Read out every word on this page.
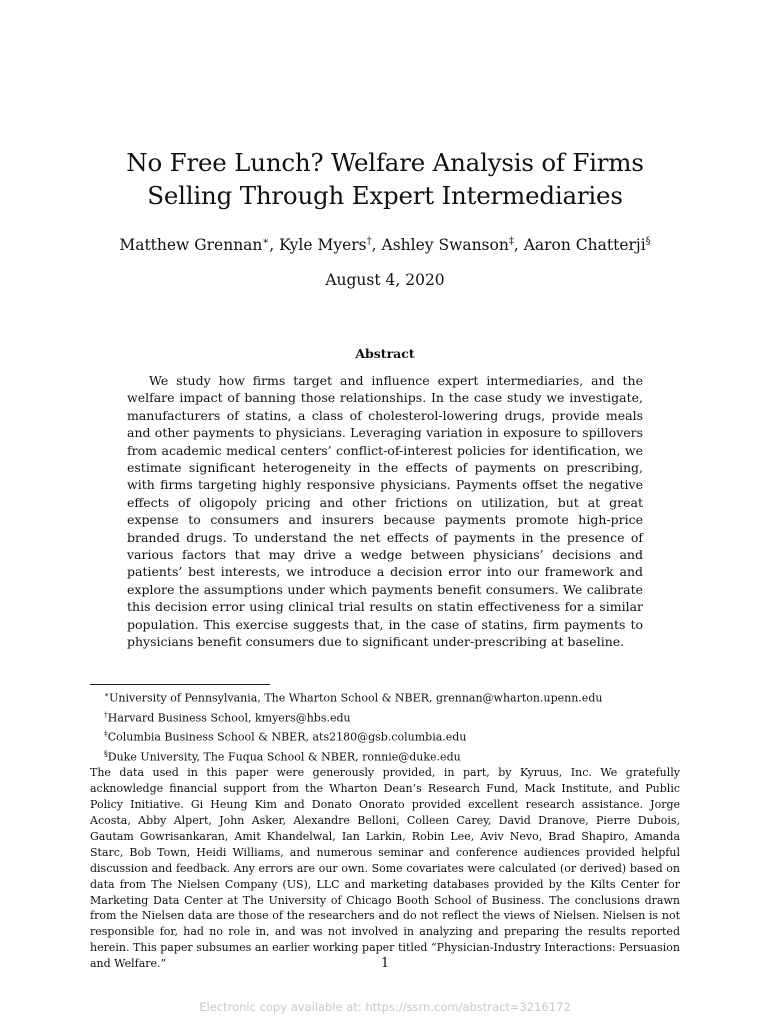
No Free Lunch? Welfare Analysis of Firms
Selling Through Expert Intermediaries
Matthew Grennan∗, Kyle Myers†, Ashley Swanson‡, Aaron Chatterji§
August 4, 2020
Abstract

We study how firms target and influence expert intermediaries, and the welfare impact of banning those relationships. In the case study we investigate, manufacturers of statins, a class of cholesterol-lowering drugs, provide meals and other payments to physicians. Leveraging variation in exposure to spillovers from academic medical centers’ conflict-of-interest policies for identification, we estimate significant heterogeneity in the effects of payments on prescribing, with firms targeting highly responsive physicians. Payments offset the negative effects of oligopoly pricing and other frictions on utilization, but at great expense to consumers and insurers because payments promote high-price branded drugs. To understand the net effects of payments in the presence of various factors that may drive a wedge between physicians’ decisions and patients’ best interests, we introduce a decision error into our framework and explore the assumptions under which payments benefit consumers. We calibrate this decision error using clinical trial results on statin effectiveness for a similar population. This exercise suggests that, in the case of statins, firm payments to physicians benefit consumers due to significant under-prescribing at baseline.

∗University of Pennsylvania, The Wharton School & NBER, grennan@wharton.upenn.edu

†Harvard Business School, kmyers@hbs.edu

‡Columbia Business School & NBER, ats2180@gsb.columbia.edu

§Duke University, The Fuqua School & NBER, ronnie@duke.edu

The data used in this paper were generously provided, in part, by Kyruus, Inc. We gratefully acknowledge financial support from the Wharton Dean’s Research Fund, Mack Institute, and Public Policy Initiative. Gi Heung Kim and Donato Onorato provided excellent research assistance. Jorge Acosta, Abby Alpert, John Asker, Alexandre Belloni, Colleen Carey, David Dranove, Pierre Dubois, Gautam Gowrisankaran, Amit Khandelwal, Ian Larkin, Robin Lee, Aviv Nevo, Brad Shapiro, Amanda Starc, Bob Town, Heidi Williams, and numerous seminar and conference audiences provided helpful discussion and feedback. Any errors are our own. Some covariates were calculated (or derived) based on data from The Nielsen Company (US), LLC and marketing databases provided by the Kilts Center for Marketing Data Center at The University of Chicago Booth School of Business. The conclusions drawn from the Nielsen data are those of the researchers and do not reflect the views of Nielsen. Nielsen is not responsible for, had no role in, and was not involved in analyzing and preparing the results reported herein. This paper subsumes an earlier working paper titled “Physician-Industry Interactions: Persuasion and Welfare.”	1
Electronic copy available at: https://ssrn.com/abstract=3216172
